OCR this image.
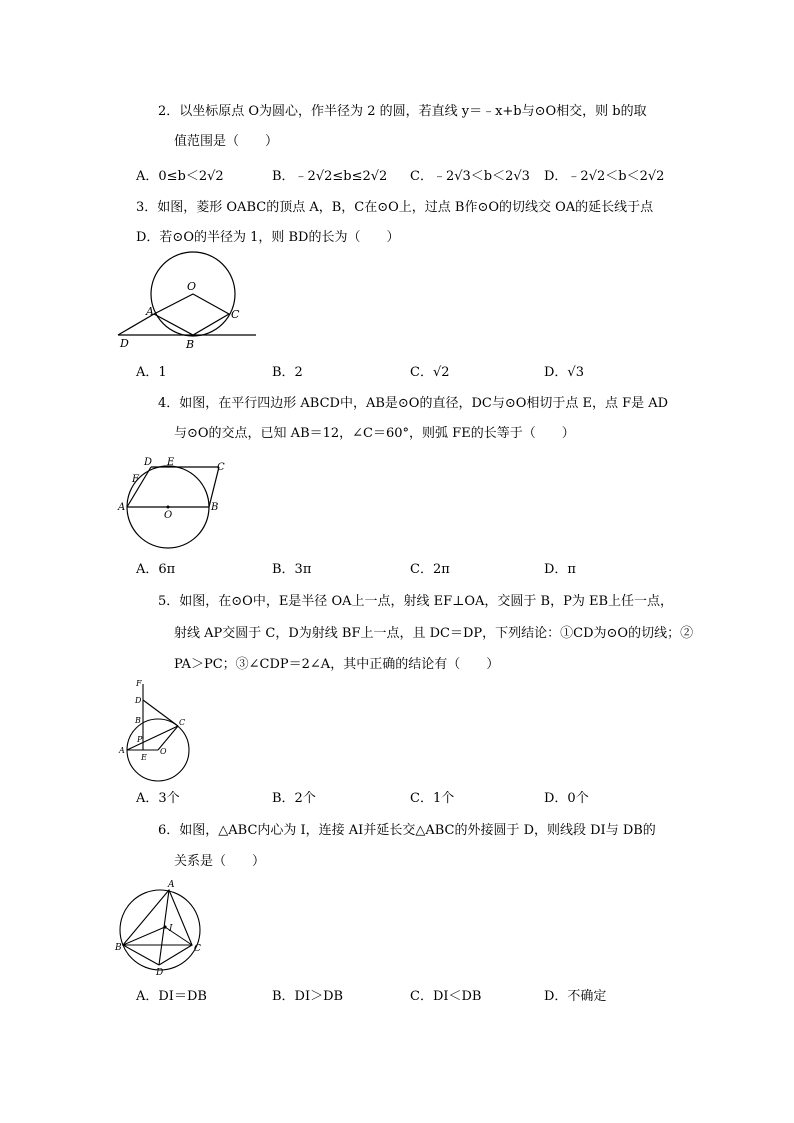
2．以坐标原点 O为圆心，作半径为 2 的圆，若直线 y＝﹣x+b与⊙O相交，则 b的取
值范围是（　　）
A．0≤b＜2√2	B．﹣2√2≤b≤2√2 C．﹣2√3＜b＜2√3 D．﹣2√2＜b＜2√2
3．如图，菱形 OABC的顶点 A，B，C在⊙O上，过点 B作⊙O的切线交 OA的延长线于点
D．若⊙O的半径为 1，则 BD的长为（　　）
O
A	C
D	B
A．1	B．2	C．√2	D．√3
4．如图，在平行四边形 ABCD中，AB是⊙O的直径，DC与⊙O相切于点 E，点 F是 AD
与⊙O的交点，已知 AB＝12，∠C＝60°，则弧 FE的长等于（　　）
D E	C
F
A
O
B
A．6π	B．3π	C．2π	D．π
5．如图，在⊙O中，E是半径 OA上一点，射线 EF⊥OA，交圆于 B，P为 EB上任一点，
射线 AP交圆于 C，D为射线 BF上一点，且 DC＝DP，下列结论：①CD为⊙O的切线；②
PA＞PC；③∠CDP＝2∠A，其中正确的结论有（　　）
F
D
B	C
P
A	O
E
A．3个	B．2个	C．1个	D．0个
6．如图，△ABC内心为 I，连接 AI并延长交△ABC的外接圆于 D，则线段 DI与 DB的
关系是（　　）
A
I
B	C
D
A．DI＝DB	B．DI＞DB	C．DI＜DB	D．不确定
